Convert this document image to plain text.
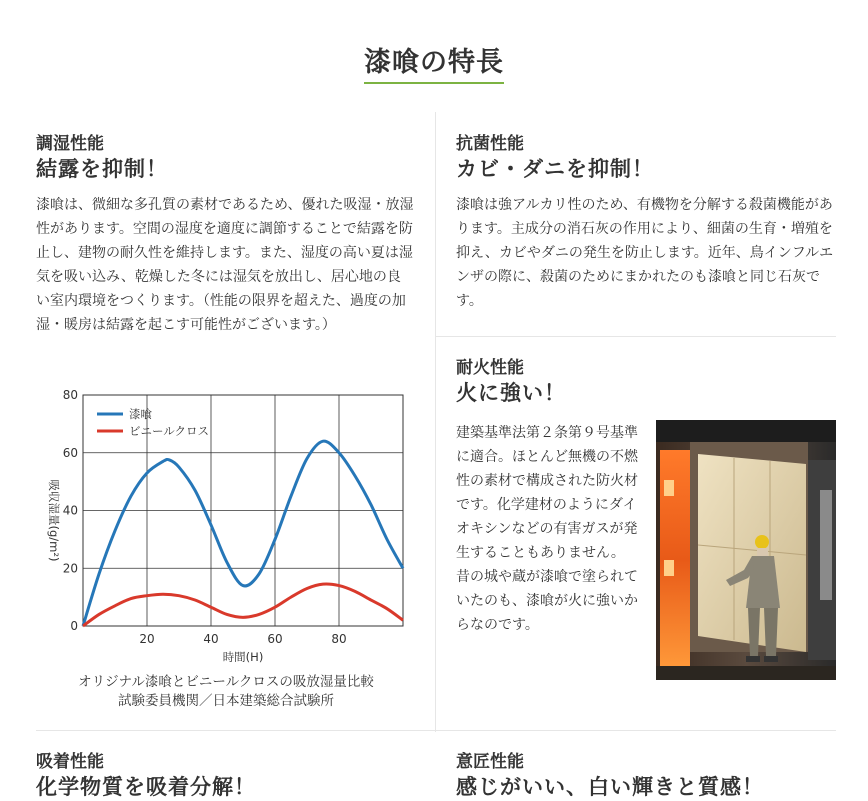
漆喰の特長
調湿性能
結露を抑制！
漆喰は、微細な多孔質の素材であるため、優れた吸湿・放湿性があります。空間の湿度を適度に調節することで結露を防止し、建物の耐久性を維持します。また、湿度の高い夏は湿気を吸い込み、乾燥した冬には湿気を放出し、居心地の良い室内環境をつくります。（性能の限界を超えた、過度の加湿・暖房は結露を起こす可能性がございます。）
0
20
40
60
80
20	40	60	80
時間(H)
吸収湿量(g/m²)
漆喰
ビニールクロス
オリジナル漆喰とビニールクロスの吸放湿量比較
試験委員機関／日本建築総合試験所
抗菌性能
カビ・ダニを抑制！
漆喰は強アルカリ性のため、有機物を分解する殺菌機能があります。主成分の消石灰の作用により、細菌の生育・増殖を抑え、カビやダニの発生を防止します。近年、鳥インフルエンザの際に、殺菌のためにまかれたのも漆喰と同じ石灰です。
耐火性能
火に強い！
建築基準法第２条第９号基準に適合。ほとんど無機の不燃性の素材で構成された防火材です。化学建材のようにダイオキシンなどの有害ガスが発生することもありません。昔の城や蔵が漆喰で塗られていたのも、漆喰が火に強いからなのです。
吸着性能
化学物質を吸着分解！
意匠性能
感じがいい、白い輝きと質感！
